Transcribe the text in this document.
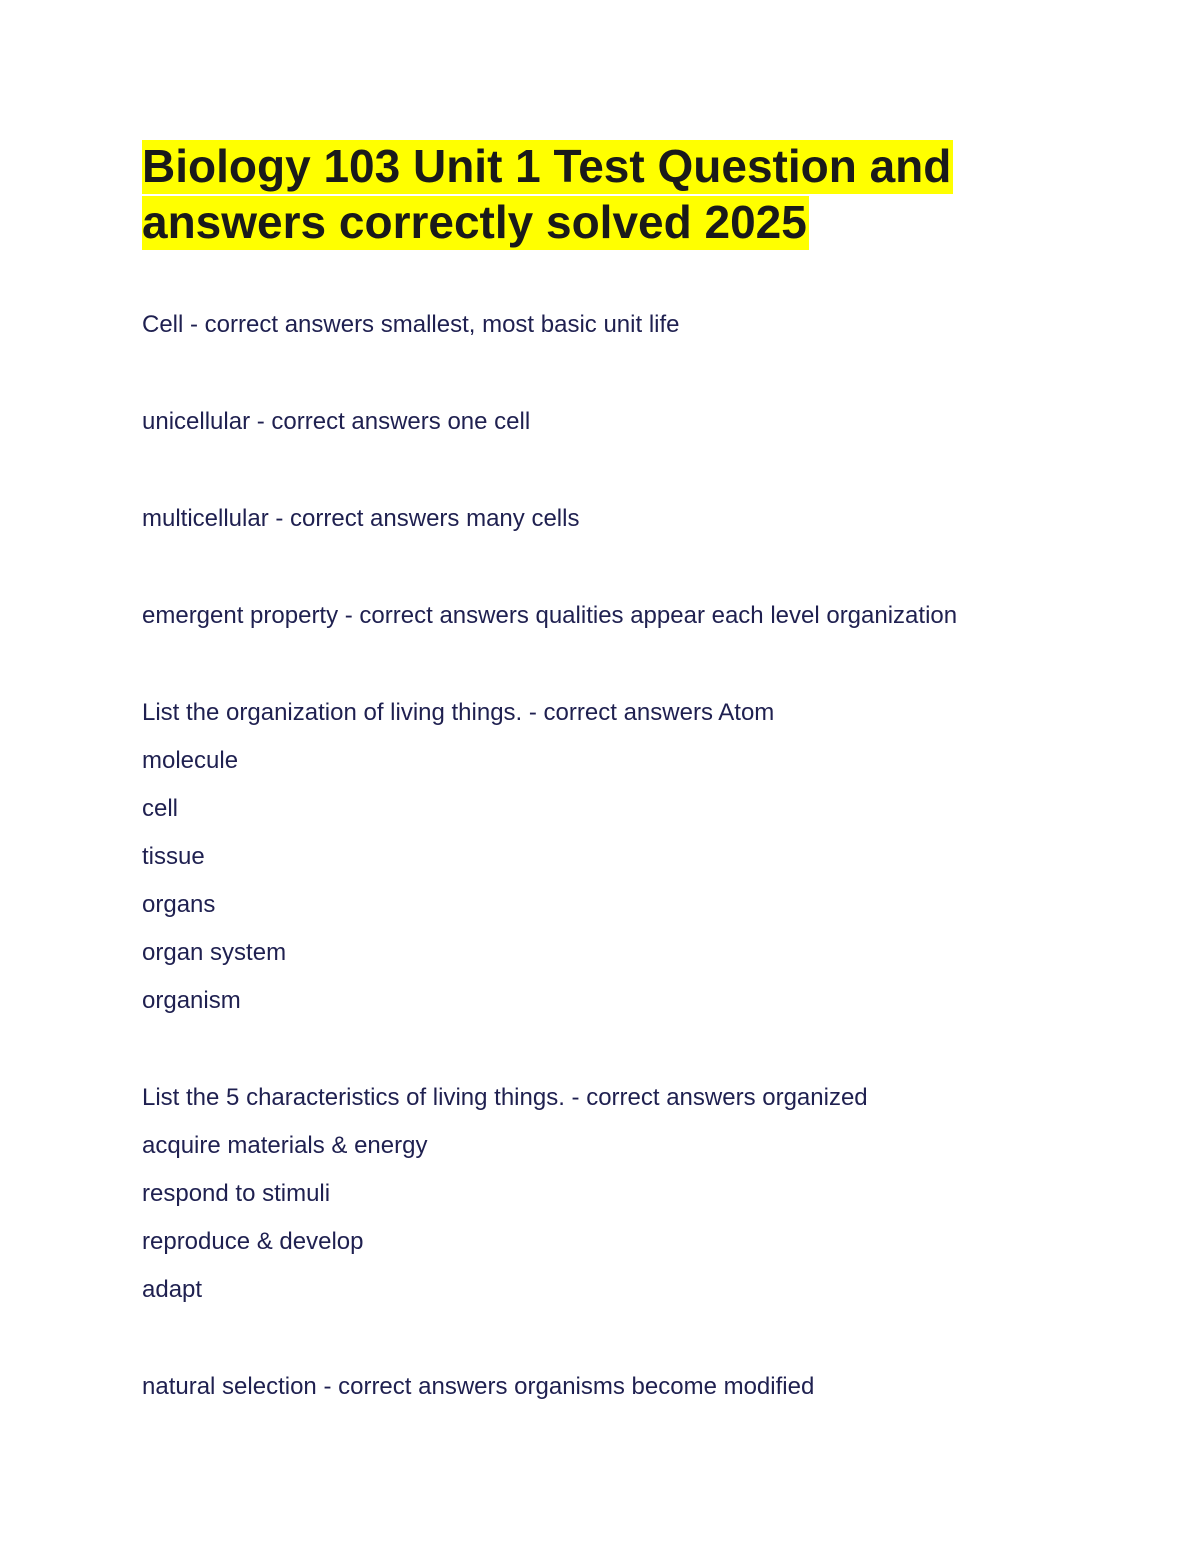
Biology 103 Unit 1 Test Question and
answers correctly solved 2025

Cell - correct answers smallest, most basic unit life

unicellular - correct answers one cell

multicellular - correct answers many cells

emergent property - correct answers qualities appear each level organization

List the organization of living things. - correct answers Atom

molecule

cell

tissue

organs

organ system

organism

List the 5 characteristics of living things. - correct answers organized

acquire materials & energy

respond to stimuli

reproduce & develop

adapt

natural selection - correct answers organisms become modified
